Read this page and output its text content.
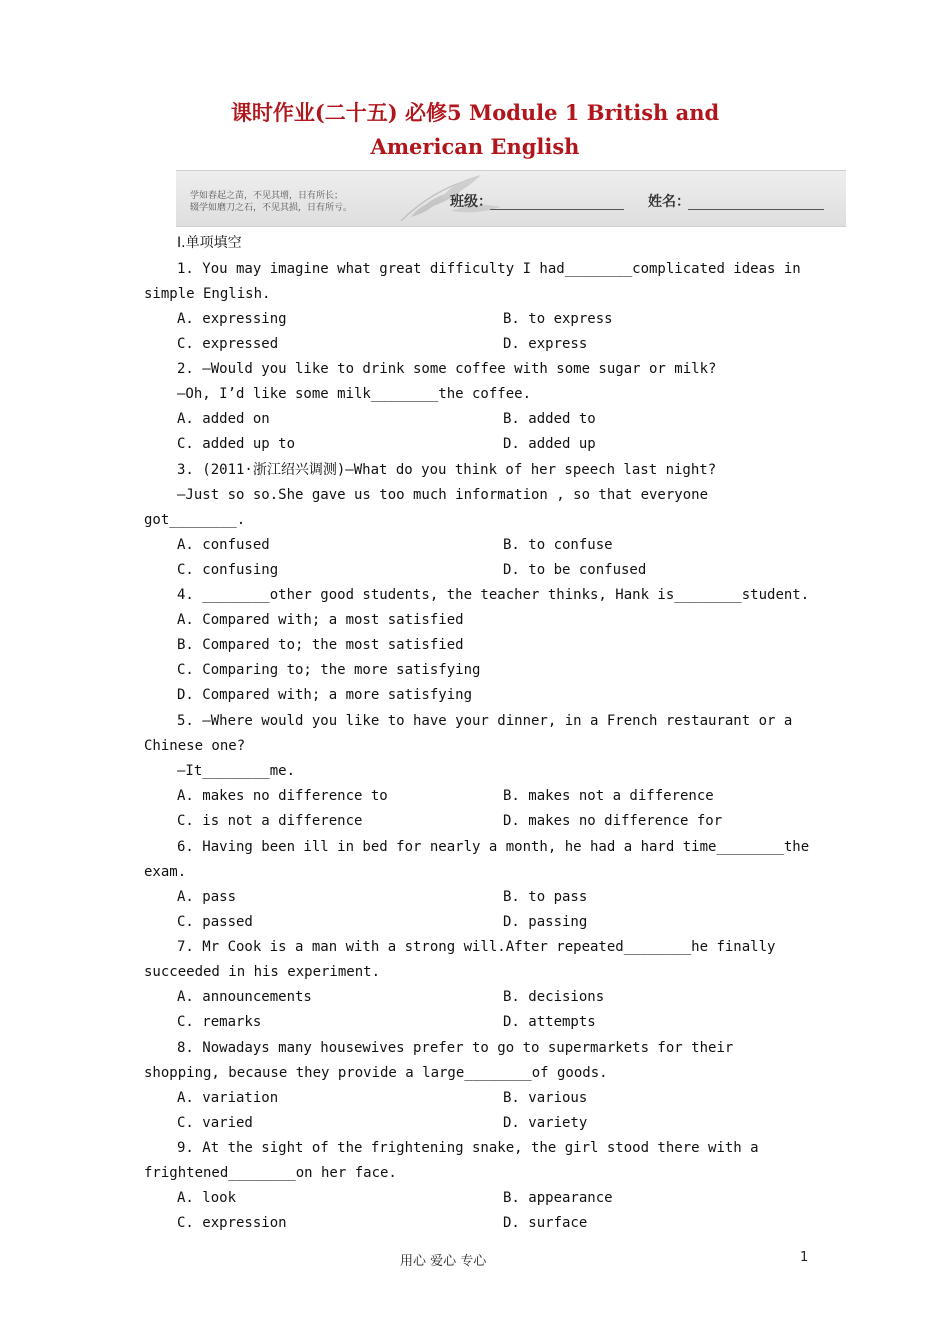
课时作业(二十五) 必修5 Module 1 British and
American English
学如春起之苗，不见其增，日有所长；
辍学如磨刀之石，不见其损，日有所亏。	班级：	姓名：
Ⅰ.单项填空
1. You may imagine what great difficulty I had________complicated ideas in
simple English.
A. expressing	B. to express
C. expressed	D. express
2. —Would you like to drink some coffee with some sugar or milk?
—Oh, I’d like some milk________the coffee.
A. added on	B. added to
C. added up to	D. added up
3. (2011·浙江绍兴调测)—What do you think of her speech last night?
—Just so so.She gave us too much information , so that everyone
got________.
A. confused	B. to confuse
C. confusing	D. to be confused
4. ________other good students, the teacher thinks, Hank is________student.
A. Compared with; a most satisfied
B. Compared to; the most satisfied
C. Comparing to; the more satisfying
D. Compared with; a more satisfying
5. —Where would you like to have your dinner, in a French restaurant or a
Chinese one?
—It________me.
A. makes no difference to	B. makes not a difference
C. is not a difference	D. makes no difference for
6. Having been ill in bed for nearly a month, he had a hard time________the
exam.
A. pass	B. to pass
C. passed	D. passing
7. Mr Cook is a man with a strong will.After repeated________he finally
succeeded in his experiment.
A. announcements	B. decisions
C. remarks	D. attempts
8. Nowadays many housewives prefer to go to supermarkets for their
shopping, because they provide a large________of goods.
A. variation	B. various
C. varied	D. variety
9. At the sight of the frightening snake, the girl stood there with a
frightened________on her face.
A. look	B. appearance
C. expression	D. surface
用心 爱心 专心	1
